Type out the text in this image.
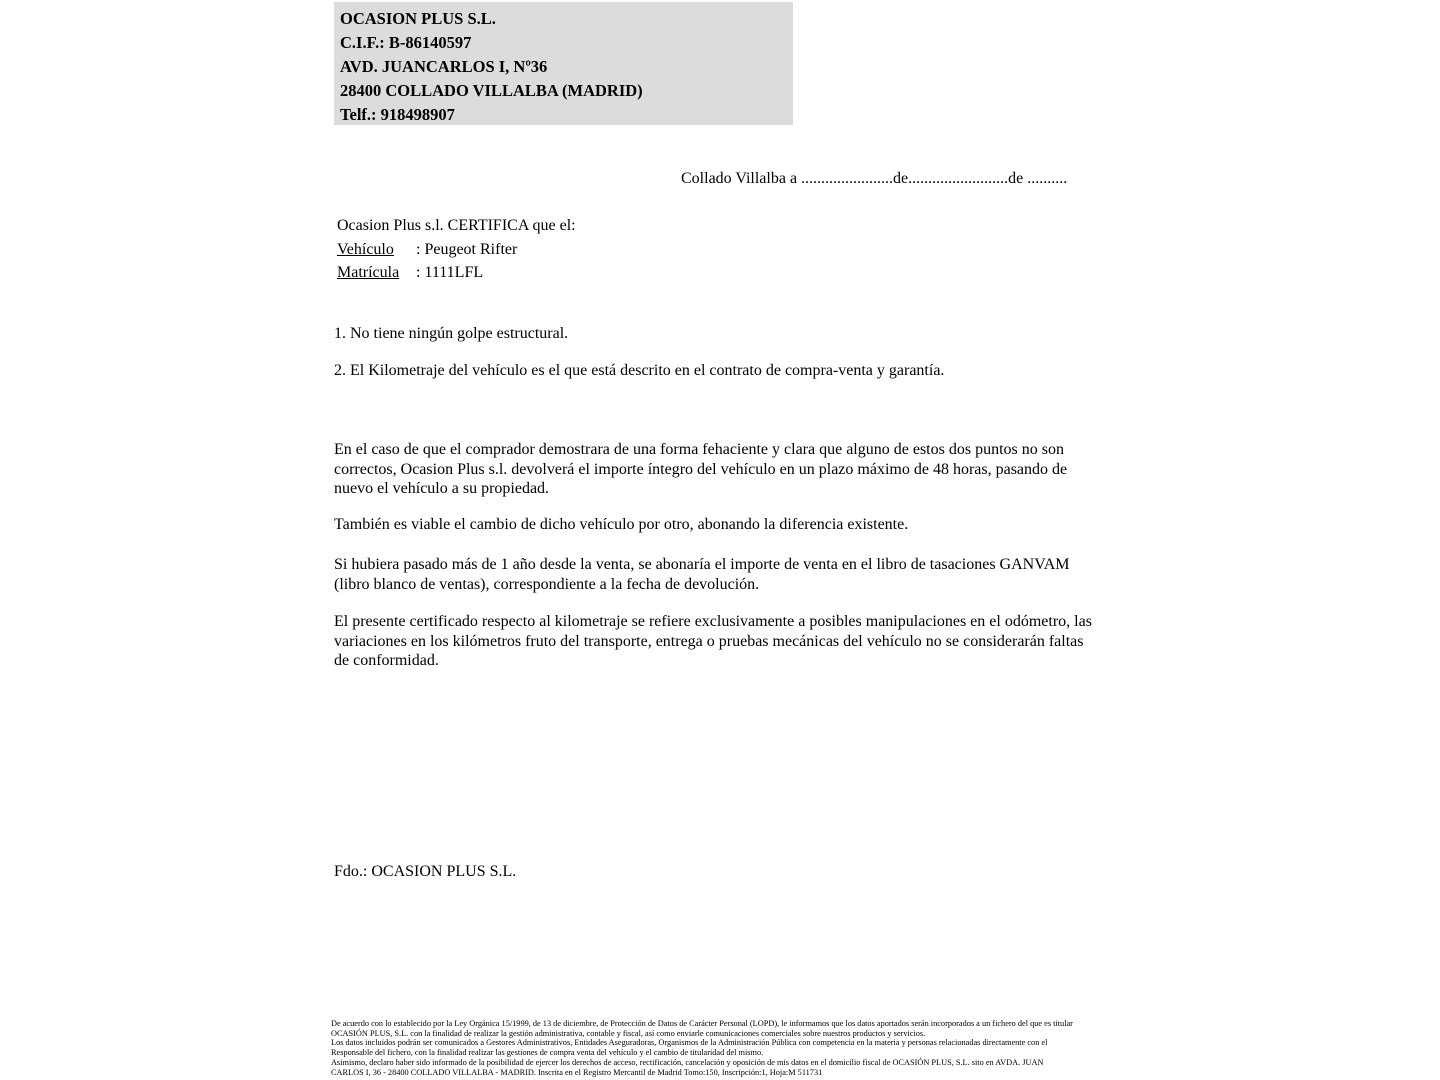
OCASION PLUS S.L.
C.I.F.: B-86140597
AVD. JUANCARLOS I, Nº36
28400 COLLADO VILLALBA (MADRID)
Telf.: 918498907
Collado Villalba a .......................de.........................de ..........
Ocasion Plus s.l. CERTIFICA que el:
Vehículo : Peugeot Rifter
Matrícula : 1111LFL
1. No tiene ningún golpe estructural.
2. El Kilometraje del vehículo es el que está descrito en el contrato de compra-venta y garantía.
En el caso de que el comprador demostrara de una forma fehaciente y clara que alguno de estos dos puntos no son correctos, Ocasion Plus s.l. devolverá el importe íntegro del vehículo en un plazo máximo de 48 horas, pasando de nuevo el vehículo a su propiedad.
También es viable el cambio de dicho vehículo por otro, abonando la diferencia existente.
Si hubiera pasado más de 1 año desde la venta, se abonaría el importe de venta en el libro de tasaciones GANVAM (libro blanco de ventas), correspondiente a la fecha de devolución.
El presente certificado respecto al kilometraje se refiere exclusivamente a posibles manipulaciones en el odómetro, las variaciones en los kilómetros fruto del transporte, entrega o pruebas mecánicas del vehículo no se considerarán faltas de conformidad.
Fdo.: OCASION PLUS S.L.
De acuerdo con lo establecido por la Ley Orgánica 15/1999, de 13 de diciembre, de Protección de Datos de Carácter Personal (LOPD), le informamos que los datos aportados serán incorporados a un fichero del que es titular
OCASIÓN PLUS, S.L. con la finalidad de realizar la gestión administrativa, contable y fiscal, así como enviarle comunicaciones comerciales sobre nuestros productos y servicios.
Los datos incluidos podrán ser comunicados a Gestores Administrativos, Entidades Aseguradoras, Organismos de la Administración Pública con competencia en la materia y personas relacionadas directamente con el
Responsable del fichero, con la finalidad realizar las gestiones de compra venta del vehículo y el cambio de titularidad del mismo.
Asimismo, declaro haber sido informado de la posibilidad de ejercer los derechos de acceso, rectificación, cancelación y oposición de mis datos en el domicilio fiscal de OCASIÓN PLUS, S.L. sito en AVDA. JUAN
CARLOS I, 36 - 28400 COLLADO VILLALBA - MADRID. Inscrita en el Registro Mercantil de Madrid Tomo:150, Inscripción:1, Hoja:M 511731
